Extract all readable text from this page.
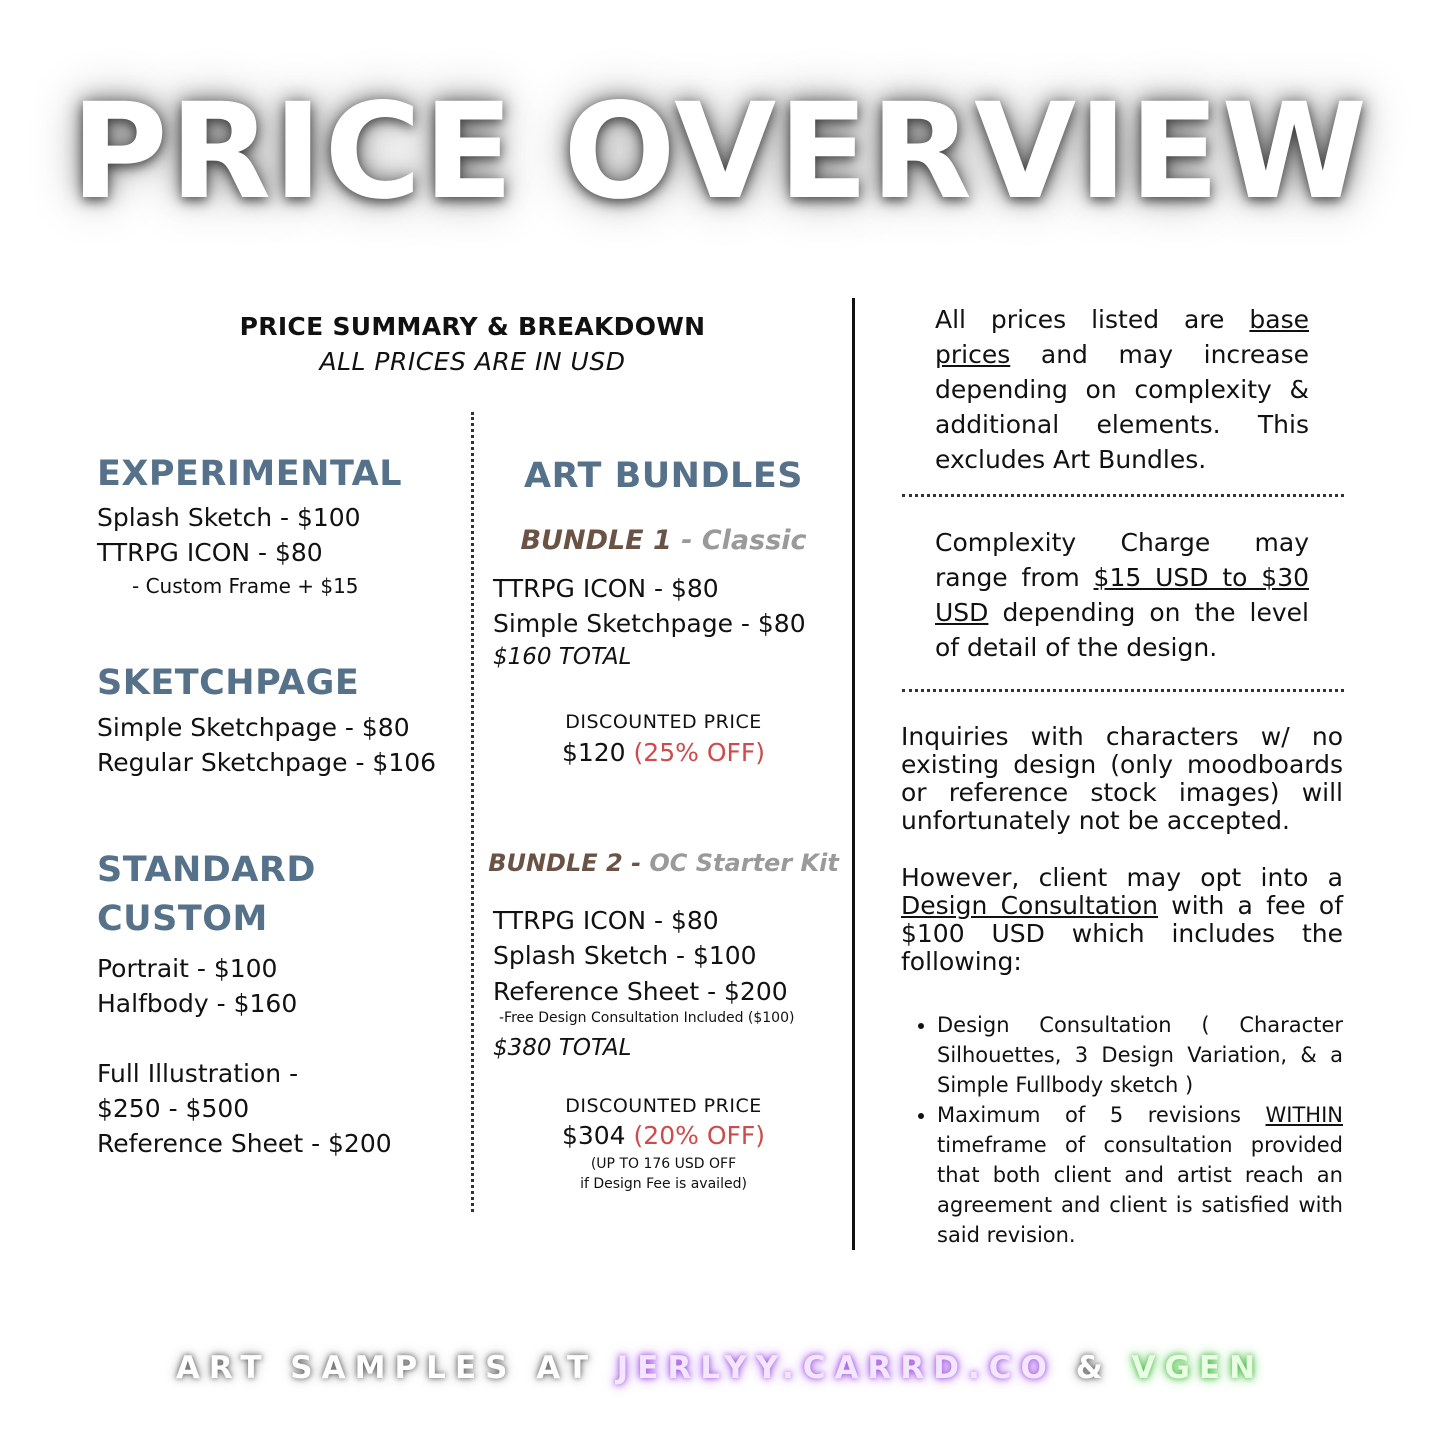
PRICE OVERVIEW
PRICE SUMMARY & BREAKDOWN
ALL PRICES ARE IN USD
EXPERIMENTAL
Splash Sketch - $100
TTRPG ICON - $80
- Custom Frame + $15
SKETCHPAGE
Simple Sketchpage - $80
Regular Sketchpage - $106
STANDARD
CUSTOM
Portrait - $100
Halfbody - $160
Full Illustration -
$250 - $500
Reference Sheet - $200
ART BUNDLES
BUNDLE 1 - Classic
TTRPG ICON - $80
Simple Sketchpage - $80
$160 TOTAL
DISCOUNTED PRICE
$120 (25% OFF)
BUNDLE 2 - OC Starter Kit
TTRPG ICON - $80
Splash Sketch - $100
Reference Sheet - $200
-Free Design Consultation Included ($100)
$380 TOTAL
DISCOUNTED PRICE
$304 (20% OFF)
(UP TO 176 USD OFF
if Design Fee is availed)
All prices listed are base prices and may increase depending on complexity & additional elements. This excludes Art Bundles.
Complexity Charge may range from $15 USD to $30 USD depending on the level of detail of the design.
Inquiries with characters w/ no existing design (only moodboards or reference stock images) will unfortunately not be accepted.
However, client may opt into a Design Consultation with a fee of $100 USD which includes the following:
• Design Consultation ( Character Silhouettes, 3 Design Variation, & a Simple Fullbody sketch )
• Maximum of 5 revisions WITHIN timeframe of consultation provided that both client and artist reach an agreement and client is satisfied with said revision.
ART SAMPLES AT JERLYY.CARRD.CO & VGEN
